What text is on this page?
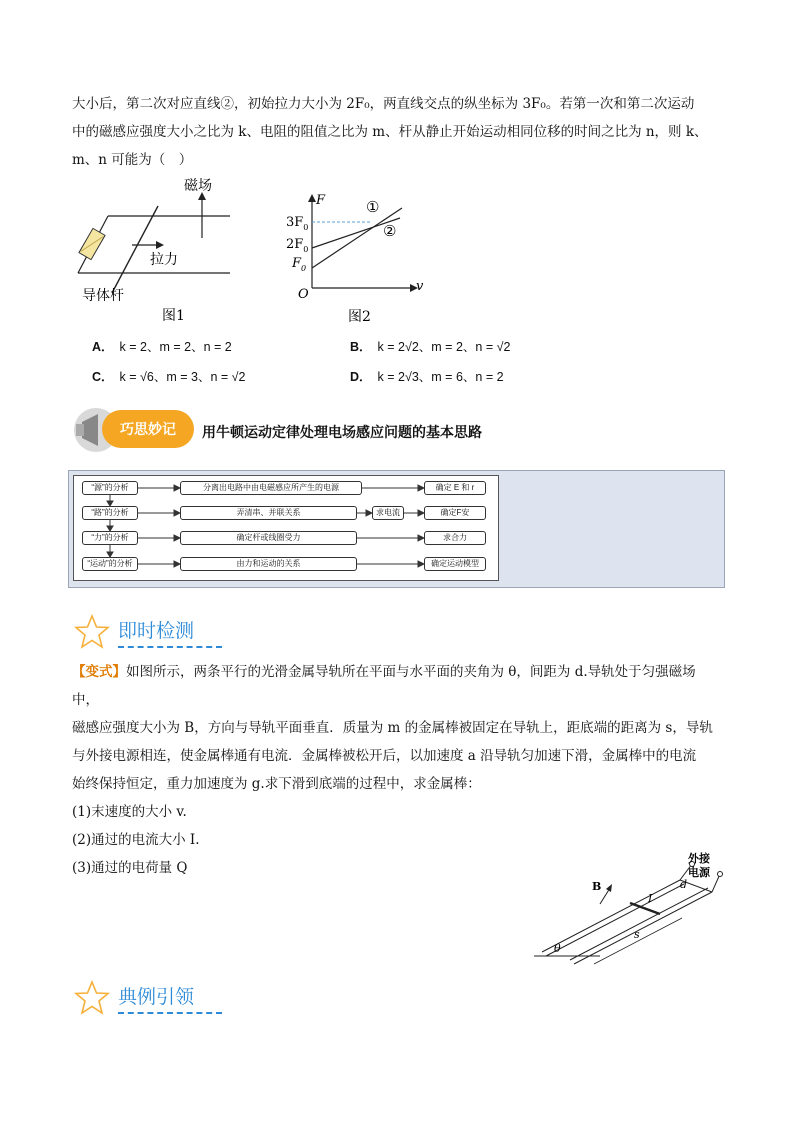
大小后，第二次对应直线②，初始拉力大小为 2F₀，两直线交点的纵坐标为 3F₀。若第一次和第二次运动
中的磁感应强度大小之比为 k、电阻的阻值之比为 m、杆从静止开始运动相同位移的时间之比为 n，则 k、
m、n 可能为（　）
磁场
拉力
导体杆
图1
F
v
O
$3F_0$
$2F_0$
$F_0$
①
②
图2
A． k = 2、m = 2、n = 2	B． k = 2√2、m = 2、n = √2
C． k = √6、m = 3、n = √2	D． k = 2√3、m = 6、n = 2
巧思妙记	用牛顿运动定律处理电场感应问题的基本思路
“源”的分析	分离出电路中由电磁感应所产生的电源	确定 E 和 r
“路”的分析	弄清串、并联关系	求电流	确定F安
“力”的分析	确定杆或线圈受力	求合力
“运动”的分析	由力和运动的关系	确定运动模型
即时检测
【变式】如图所示，两条平行的光滑金属导轨所在平面与水平面的夹角为 θ，间距为 d.导轨处于匀强磁场中，
磁感应强度大小为 B，方向与导轨平面垂直．质量为 m 的金属棒被固定在导轨上，距底端的距离为 s，导轨
与外接电源相连，使金属棒通有电流．金属棒被松开后，以加速度 a 沿导轨匀加速下滑，金属棒中的电流
始终保持恒定，重力加速度为 g.求下滑到底端的过程中，求金属棒：
(1)末速度的大小 v.
(2)通过的电流大小 I.
(3)通过的电荷量 Q
外接
电源
B	d
I
s
θ
典例引领
